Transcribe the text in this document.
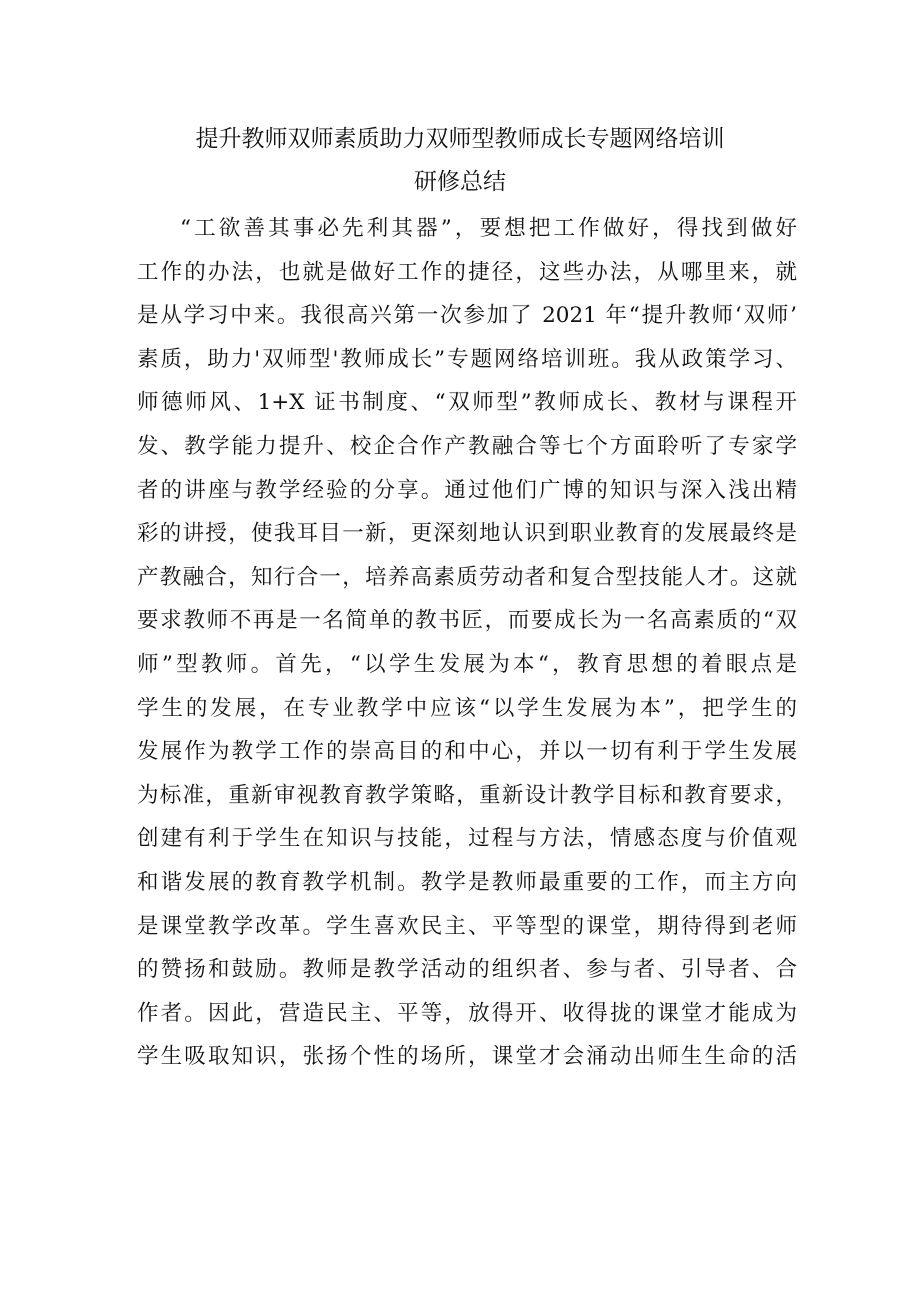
提升教师双师素质助力双师型教师成长专题网络培训
研修总结
“工欲善其事必先利其器”，要想把工作做好，得找到做好
工作的办法，也就是做好工作的捷径，这些办法，从哪里来，就
是从学习中来。我很高兴第一次参加了 2021 年“提升教师‘双师’
素质，助力'双师型'教师成长”专题网络培训班。我从政策学习、
师德师风、1+X 证书制度、“双师型”教师成长、教材与课程开
发、教学能力提升、校企合作产教融合等七个方面聆听了专家学
者的讲座与教学经验的分享。通过他们广博的知识与深入浅出精
彩的讲授，使我耳目一新，更深刻地认识到职业教育的发展最终是
产教融合，知行合一，培养高素质劳动者和复合型技能人才。这就
要求教师不再是一名简单的教书匠，而要成长为一名高素质的“双
师”型教师。首先，“以学生发展为本“，教育思想的着眼点是
学生的发展，在专业教学中应该“以学生发展为本”，把学生的
发展作为教学工作的崇高目的和中心，并以一切有利于学生发展
为标准，重新审视教育教学策略，重新设计教学目标和教育要求，
创建有利于学生在知识与技能，过程与方法，情感态度与价值观
和谐发展的教育教学机制。教学是教师最重要的工作，而主方向
是课堂教学改革。学生喜欢民主、平等型的课堂，期待得到老师
的赞扬和鼓励。教师是教学活动的组织者、参与者、引导者、合
作者。因此，营造民主、平等，放得开、收得拢的课堂才能成为
学生吸取知识，张扬个性的场所，课堂才会涌动出师生生命的活
